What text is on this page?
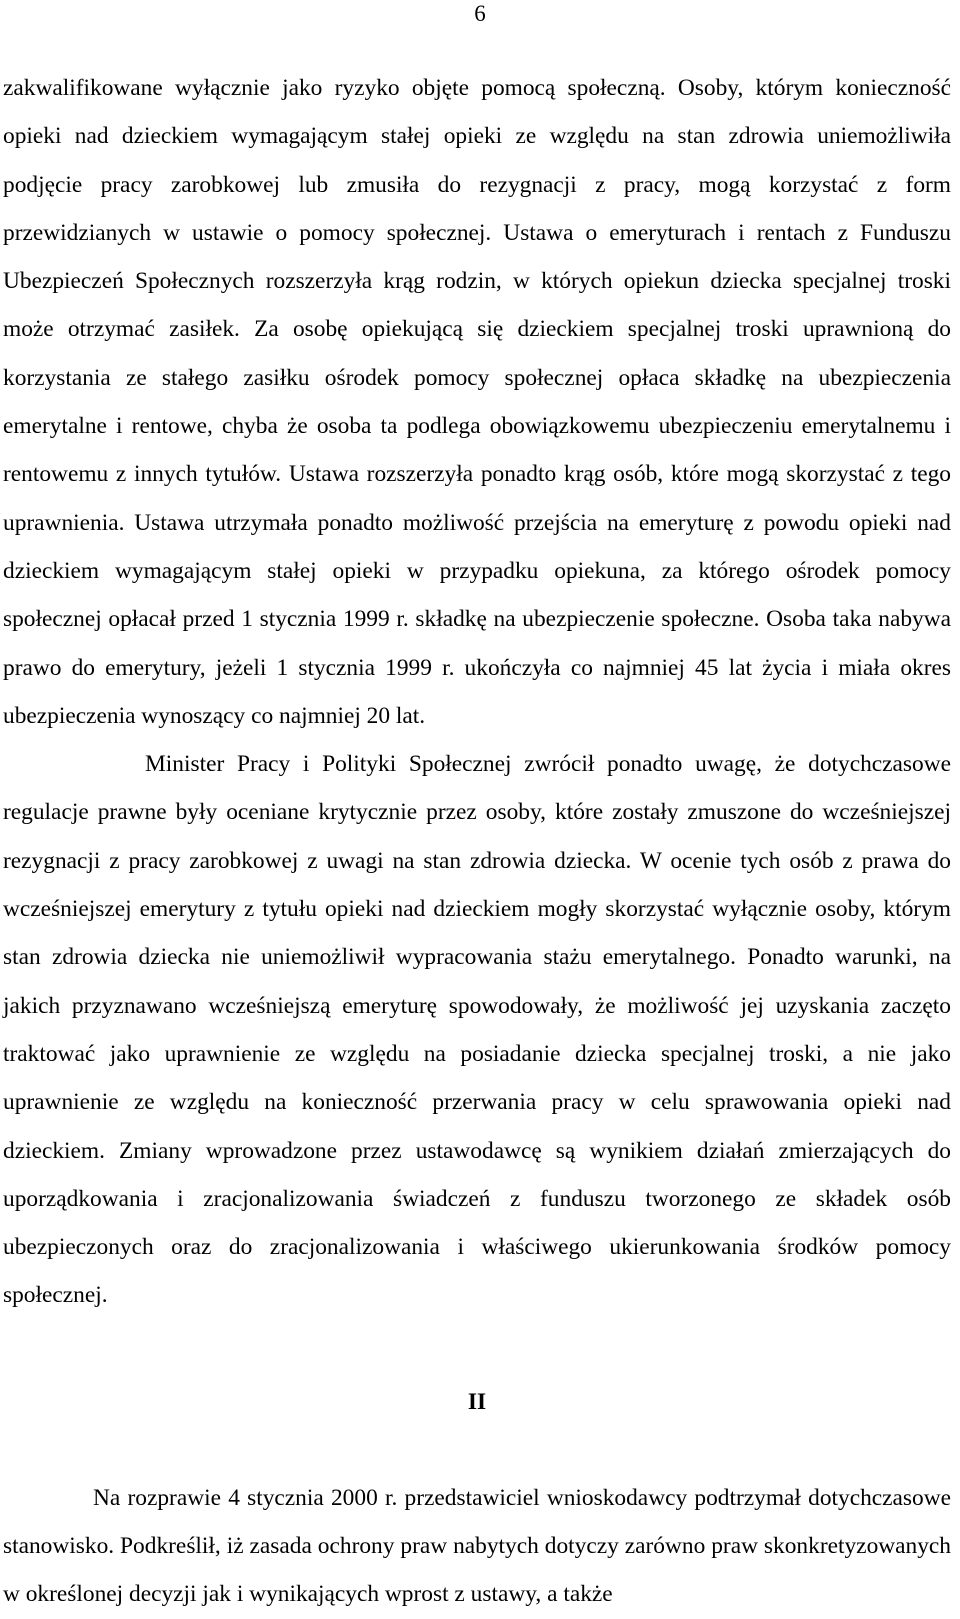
6

zakwalifikowane wyłącznie jako ryzyko objęte pomocą społeczną. Osoby, którym konieczność opieki nad dzieckiem wymagającym stałej opieki ze względu na stan zdrowia uniemożliwiła podjęcie pracy zarobkowej lub zmusiła do rezygnacji z pracy, mogą korzystać z form przewidzianych w ustawie o pomocy społecznej. Ustawa o emeryturach i rentach z Funduszu Ubezpieczeń Społecznych rozszerzyła krąg rodzin, w których opiekun dziecka specjalnej troski może otrzymać zasiłek. Za osobę opiekującą się dzieckiem specjalnej troski uprawnioną do korzystania ze stałego zasiłku ośrodek pomocy społecznej opłaca składkę na ubezpieczenia emerytalne i rentowe, chyba że osoba ta podlega obowiązkowemu ubezpieczeniu emerytalnemu i rentowemu z innych tytułów. Ustawa rozszerzyła ponadto krąg osób, które mogą skorzystać z tego uprawnienia. Ustawa utrzymała ponadto możliwość przejścia na emeryturę z powodu opieki nad dzieckiem wymagającym stałej opieki w przypadku opiekuna, za którego ośrodek pomocy społecznej opłacał przed 1 stycznia 1999 r. składkę na ubezpieczenie społeczne. Osoba taka nabywa prawo do emerytury, jeżeli 1 stycznia 1999 r. ukończyła co najmniej 45 lat życia i miała okres ubezpieczenia wynoszący co najmniej 20 lat.

Minister Pracy i Polityki Społecznej zwrócił ponadto uwagę, że dotychczasowe regulacje prawne były oceniane krytycznie przez osoby, które zostały zmuszone do wcześniejszej rezygnacji z pracy zarobkowej z uwagi na stan zdrowia dziecka. W ocenie tych osób z prawa do wcześniejszej emerytury z tytułu opieki nad dzieckiem mogły skorzystać wyłącznie osoby, którym stan zdrowia dziecka nie uniemożliwił wypracowania stażu emerytalnego. Ponadto warunki, na jakich przyznawano wcześniejszą emeryturę spowodowały, że możliwość jej uzyskania zaczęto traktować jako uprawnienie ze względu na posiadanie dziecka specjalnej troski, a nie jako uprawnienie ze względu na konieczność przerwania pracy w celu sprawowania opieki nad dzieckiem. Zmiany wprowadzone przez ustawodawcę są wynikiem działań zmierzających do uporządkowania i zracjonalizowania świadczeń z funduszu tworzonego ze składek osób ubezpieczonych oraz do zracjonalizowania i właściwego ukierunkowania środków pomocy społecznej.

II

Na rozprawie 4 stycznia 2000 r. przedstawiciel wnioskodawcy podtrzymał dotychczasowe stanowisko. Podkreślił, iż zasada ochrony praw nabytych dotyczy zarówno praw skonkretyzowanych w określonej decyzji jak i wynikających wprost z ustawy, a także
